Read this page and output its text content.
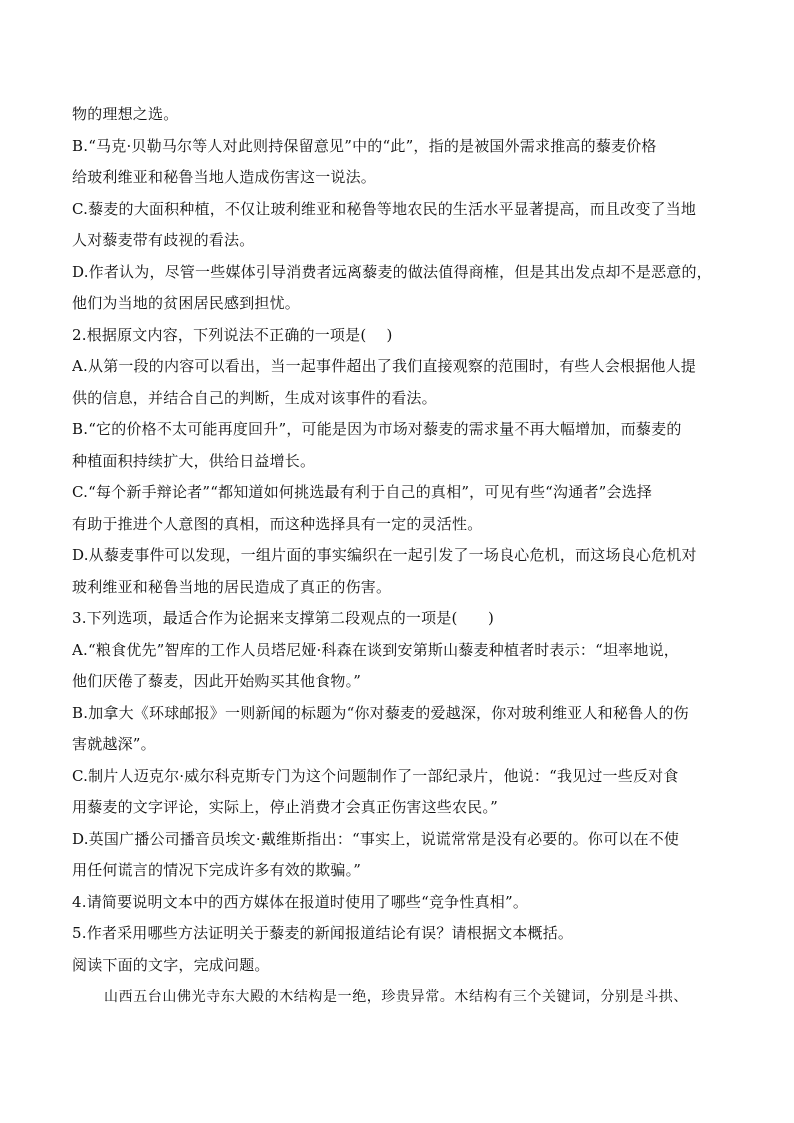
物的理想之选。
B.“马克·贝勒马尔等人对此则持保留意见”中的“此”，指的是被国外需求推高的藜麦价格
给玻利维亚和秘鲁当地人造成伤害这一说法。
C.藜麦的大面积种植，不仅让玻利维亚和秘鲁等地农民的生活水平显著提高，而且改变了当地
人对藜麦带有歧视的看法。
D.作者认为，尽管一些媒体引导消费者远离藜麦的做法值得商榷，但是其出发点却不是恶意的，
他们为当地的贫困居民感到担忧。
2.根据原文内容，下列说法不正确的一项是(　 )
A.从第一段的内容可以看出，当一起事件超出了我们直接观察的范围时，有些人会根据他人提
供的信息，并结合自己的判断，生成对该事件的看法。
B.“它的价格不太可能再度回升”，可能是因为市场对藜麦的需求量不再大幅增加，而藜麦的
种植面积持续扩大，供给日益增长。
C.“每个新手辩论者”“都知道如何挑选最有利于自己的真相”，可见有些“沟通者”会选择
有助于推进个人意图的真相，而这种选择具有一定的灵活性。
D.从藜麦事件可以发现，一组片面的事实编织在一起引发了一场良心危机，而这场良心危机对
玻利维亚和秘鲁当地的居民造成了真正的伤害。
3.下列选项，最适合作为论据来支撑第二段观点的一项是(　　)
A.“粮食优先”智库的工作人员塔尼娅·科森在谈到安第斯山藜麦种植者时表示：“坦率地说，
他们厌倦了藜麦，因此开始购买其他食物。”
B.加拿大《环球邮报》一则新闻的标题为“你对藜麦的爱越深，你对玻利维亚人和秘鲁人的伤
害就越深”。
C.制片人迈克尔·威尔科克斯专门为这个问题制作了一部纪录片，他说：“我见过一些反对食
用藜麦的文字评论，实际上，停止消费才会真正伤害这些农民。”
D.英国广播公司播音员埃文·戴维斯指出：“事实上，说谎常常是没有必要的。你可以在不使
用任何谎言的情况下完成许多有效的欺骗。”
4.请简要说明文本中的西方媒体在报道时使用了哪些“竞争性真相”。
5.作者采用哪些方法证明关于藜麦的新闻报道结论有误？请根据文本概括。
阅读下面的文字，完成问题。
山西五台山佛光寺东大殿的木结构是一绝，珍贵异常。木结构有三个关键词，分别是斗拱、
